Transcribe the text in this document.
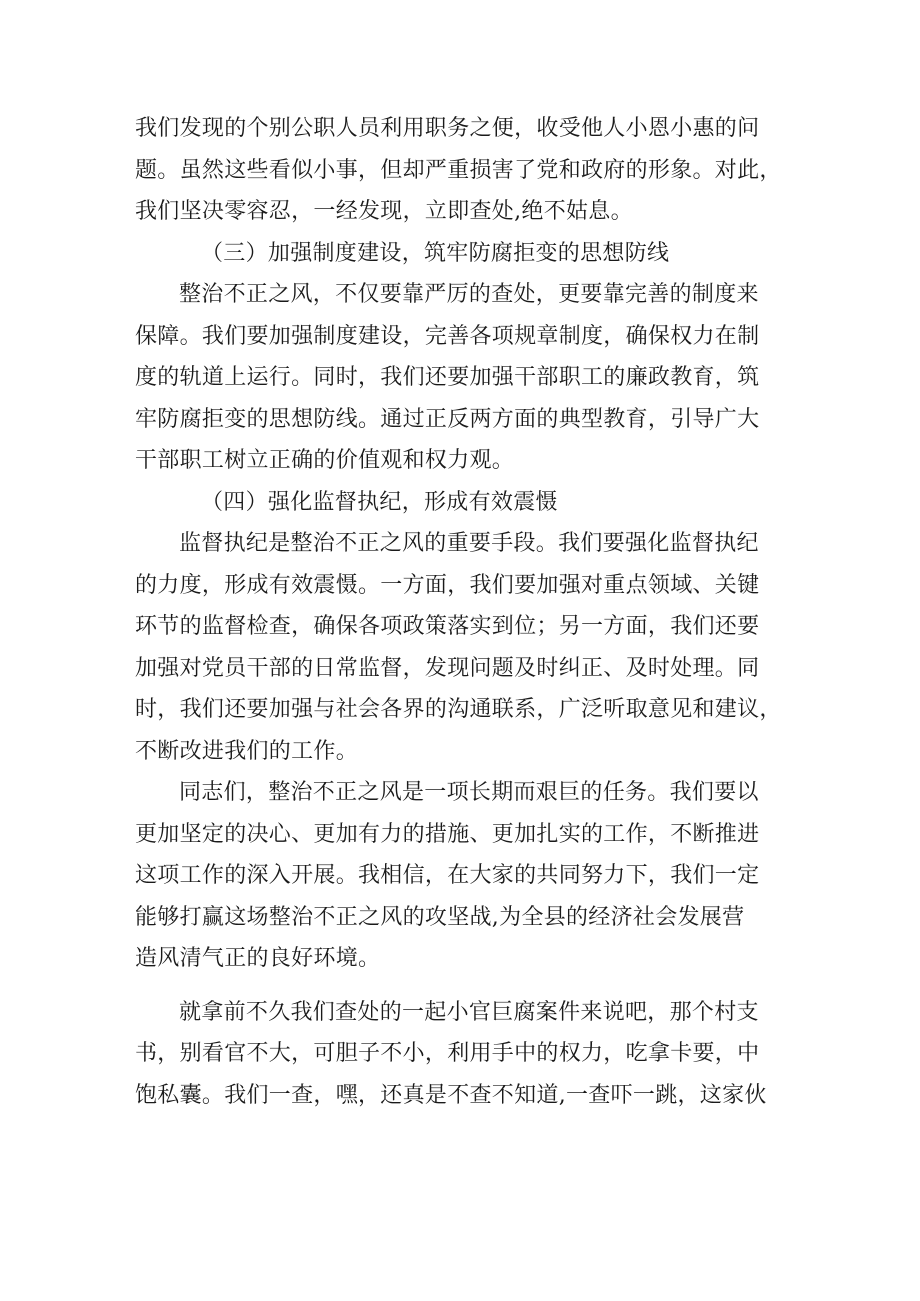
我们发现的个别公职人员利用职务之便，收受他人小恩小惠的问
题。虽然这些看似小事，但却严重损害了党和政府的形象。对此，
我们坚决零容忍，一经发现，立即查处,绝不姑息。
（三）加强制度建设，筑牢防腐拒变的思想防线
整治不正之风，不仅要靠严厉的查处，更要靠完善的制度来
保障。我们要加强制度建设，完善各项规章制度，确保权力在制
度的轨道上运行。同时，我们还要加强干部职工的廉政教育，筑
牢防腐拒变的思想防线。通过正反两方面的典型教育，引导广大
干部职工树立正确的价值观和权力观。
（四）强化监督执纪，形成有效震慑
监督执纪是整治不正之风的重要手段。我们要强化监督执纪
的力度，形成有效震慑。一方面，我们要加强对重点领域、关键
环节的监督检查，确保各项政策落实到位；另一方面，我们还要
加强对党员干部的日常监督，发现问题及时纠正、及时处理。同
时，我们还要加强与社会各界的沟通联系，广泛听取意见和建议，
不断改进我们的工作。
同志们，整治不正之风是一项长期而艰巨的任务。我们要以
更加坚定的决心、更加有力的措施、更加扎实的工作，不断推进
这项工作的深入开展。我相信，在大家的共同努力下，我们一定
能够打赢这场整治不正之风的攻坚战,为全县的经济社会发展营
造风清气正的良好环境。
就拿前不久我们查处的一起小官巨腐案件来说吧，那个村支
书，别看官不大，可胆子不小，利用手中的权力，吃拿卡要，中
饱私囊。我们一查，嘿，还真是不查不知道,一查吓一跳，这家伙
